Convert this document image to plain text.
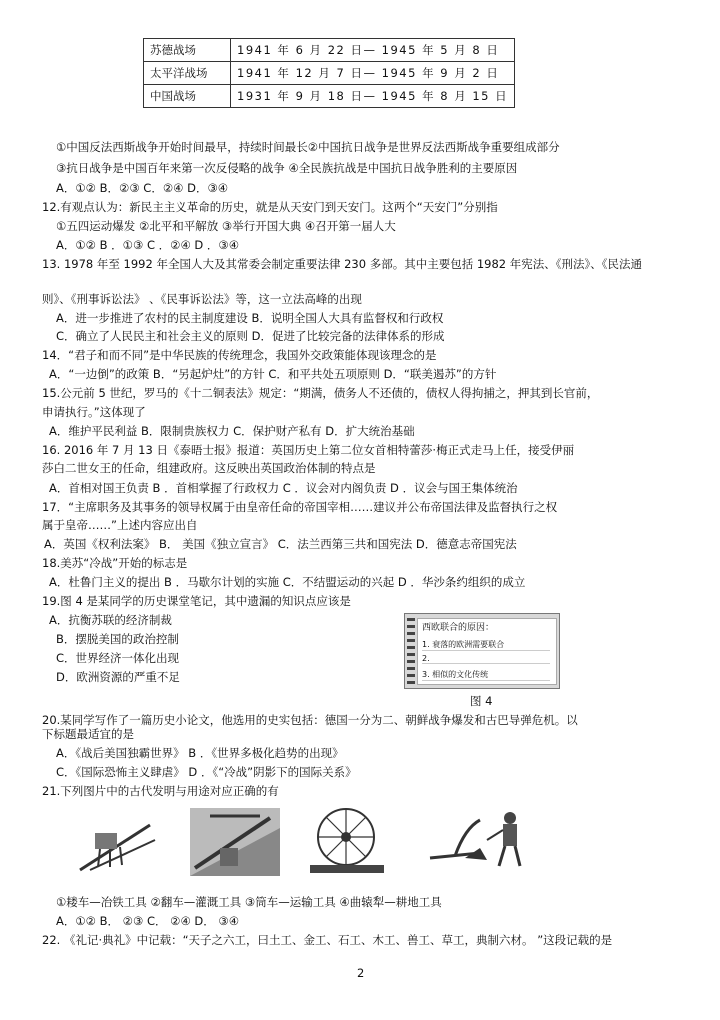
苏德战场	1941 年 6 月 22 日— 1945 年 5 月 8 日
太平洋战场	1941 年 12 月 7 日— 1945 年 9 月 2 日
中国战场	1931 年 9 月 18 日— 1945 年 8 月 15 日
①中国反法西斯战争开始时间最早，持续时间最长②中国抗日战争是世界反法西斯战争重要组成部分
③抗日战争是中国百年来第一次反侵略的战争 ④全民族抗战是中国抗日战争胜利的主要原因
A．①② B．②③ C．②④ D．③④
12.有观点认为：新民主主义革命的历史，就是从天安门到天安门。这两个“天安门”分别指
①五四运动爆发 ②北平和平解放 ③举行开国大典 ④召开第一届人大
A．①② B ．①③ C ．②④ D ．③④
13. 1978 年至 1992 年全国人大及其常委会制定重要法律 230 多部。其中主要包括 1982 年宪法、《刑法》、《民法通
则》、《刑事诉讼法》 、《民事诉讼法》等，这一立法高峰的出现
A．进一步推进了农村的民主制度建设 B．说明全国人大具有监督权和行政权
C．确立了人民民主和社会主义的原则 D．促进了比较完备的法律体系的形成
14．“君子和而不同”是中华民族的传统理念，我国外交政策能体现该理念的是
A．“一边倒”的政策 B．“另起炉灶”的方针 C．和平共处五项原则 D．“联美遏苏”的方针
15.公元前 5 世纪，罗马的《十二铜表法》规定：“期满，债务人不还债的，债权人得拘捕之，押其到长官前，
申请执行。”这体现了
A．维护平民利益 B．限制贵族权力 C．保护财产私有 D．扩大统治基础
16. 2016 年 7 月 13 日《泰晤士报》报道：英国历史上第二位女首相特蕾莎·梅正式走马上任，接受伊丽
莎白二世女王的任命，组建政府。这反映出英国政治体制的特点是
A．首相对国王负责 B ．首相掌握了行政权力 C ．议会对内阁负责 D ．议会与国王集体统治
17．“主席职务及其事务的领导权属于由皇帝任命的帝国宰相……建议并公布帝国法律及监督执行之权
属于皇帝……”上述内容应出自
A．英国《权利法案》 B． 美国《独立宣言》 C．法兰西第三共和国宪法 D．德意志帝国宪法
18.美苏“冷战”开始的标志是
A．杜鲁门主义的提出 B ．马歇尔计划的实施 C．不结盟运动的兴起 D ．华沙条约组织的成立
19.图 4 是某同学的历史课堂笔记，其中遗漏的知识点应该是
A．抗衡苏联的经济制裁
B．摆脱美国的政治控制
C．世界经济一体化出现
D．欧洲资源的严重不足
西欧联合的原因：
1. 衰落的欧洲需要联合
2.
3. 相似的文化传统
图 4
20.某同学写作了一篇历史小论文，他选用的史实包括：德国一分为二、朝鲜战争爆发和古巴导弹危机。以
下标题最适宜的是
A．《战后美国独霸世界》 B ．《世界多极化趋势的出现》
C．《国际恐怖主义肆虐》 D ．《“冷战”阴影下的国际关系》
21.下列图片中的古代发明与用途对应正确的有
①耧车—冶铁工具 ②翻车—灌溉工具 ③筒车—运输工具 ④曲辕犁—耕地工具
A．①② B． ②③ C． ②④ D． ③④
22. 《礼记·典礼》中记载：“天子之六工，曰土工、金工、石工、木工、兽工、草工，典制六材。 ”这段记载的是
2
